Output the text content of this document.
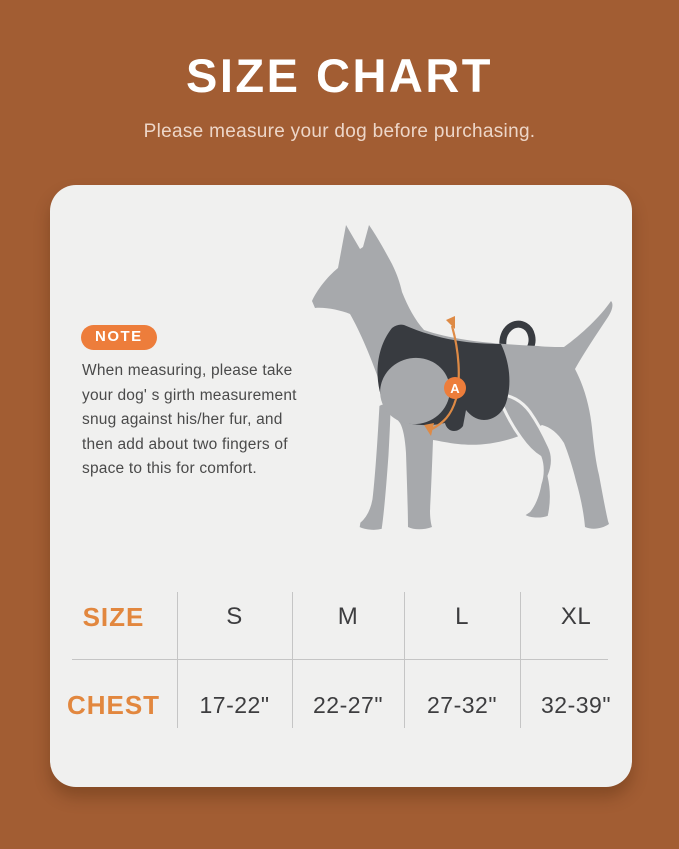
SIZE CHART

Please measure your dog before purchasing.

NOTE

When measuring, please take
your dog' s girth measurement
snug against his/her fur, and
then add about two fingers of
space to this for comfort.

A
SIZE	S	M	L	XL
CHEST	17-22"	22-27"	27-32"	32-39"
